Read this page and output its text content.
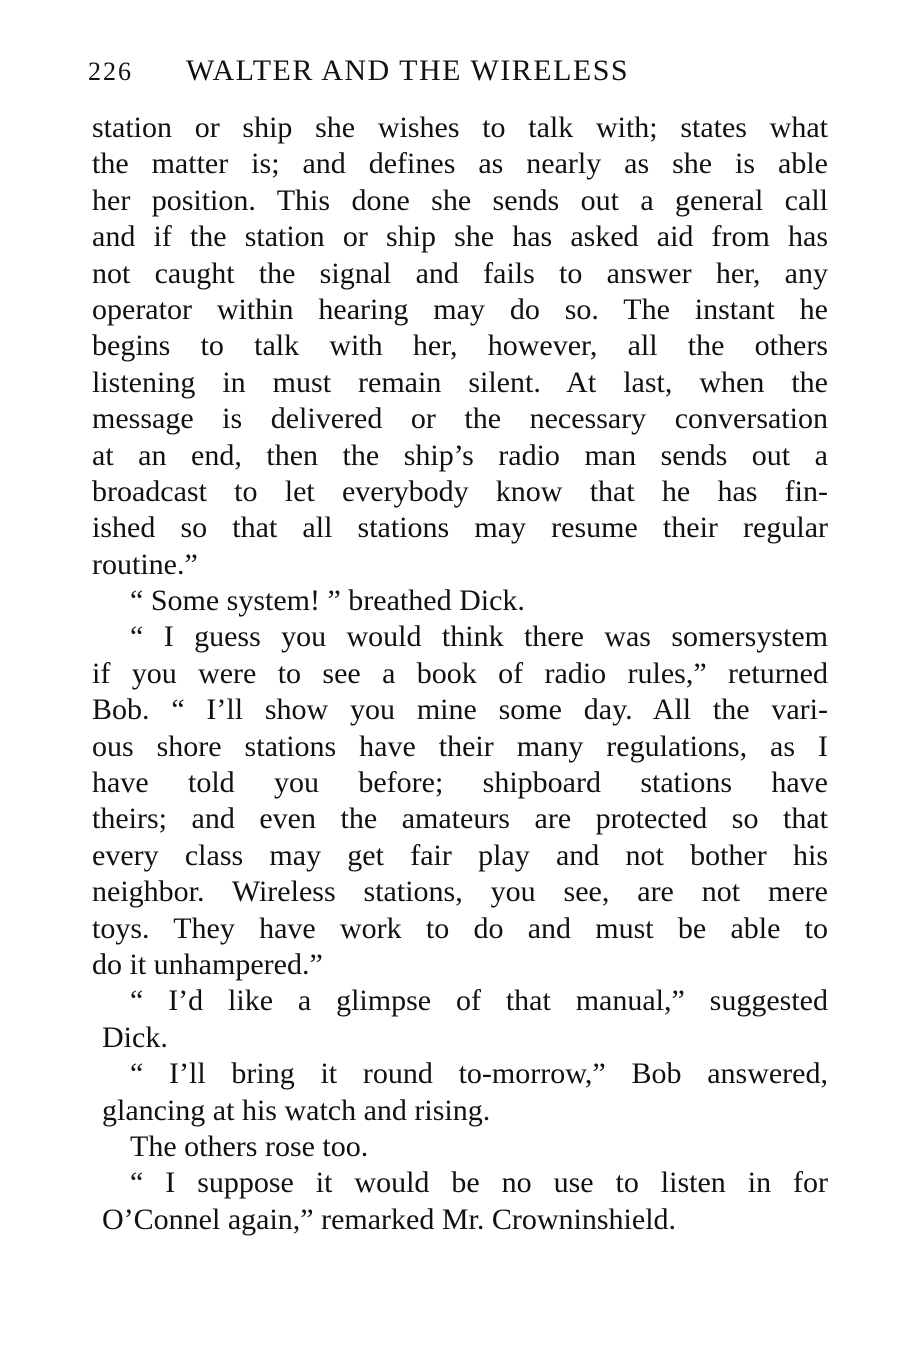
226 WALTER AND THE WIRELESS
station or ship she wishes to talk with; states what
the matter is; and defines as nearly as she is able
her position. This done she sends out a general call
and if the station or ship she has asked aid from has
not caught the signal and fails to answer her, any
operator within hearing may do so. The instant he
begins to talk with her, however, all the others
listening in must remain silent. At last, when the
message is delivered or the necessary conversation
at an end, then the ship’s radio man sends out a
broadcast to let everybody know that he has fin-
ished so that all stations may resume their regular
routine.”
“ Some system! ” breathed Dick.
“ I guess you would think there was somersystem
if you were to see a book of radio rules,” returned
Bob. “ I’ll show you mine some day. All the vari-
ous shore stations have their many regulations, as I
have told you before; shipboard stations have
theirs; and even the amateurs are protected so that
every class may get fair play and not bother his
neighbor. Wireless stations, you see, are not mere
toys. They have work to do and must be able to
do it unhampered.”
“ I’d like a glimpse of that manual,” suggested
Dick.
“ I’ll bring it round to-morrow,” Bob answered,
glancing at his watch and rising.
The others rose too.
“ I suppose it would be no use to listen in for
O’Connel again,” remarked Mr. Crowninshield.
